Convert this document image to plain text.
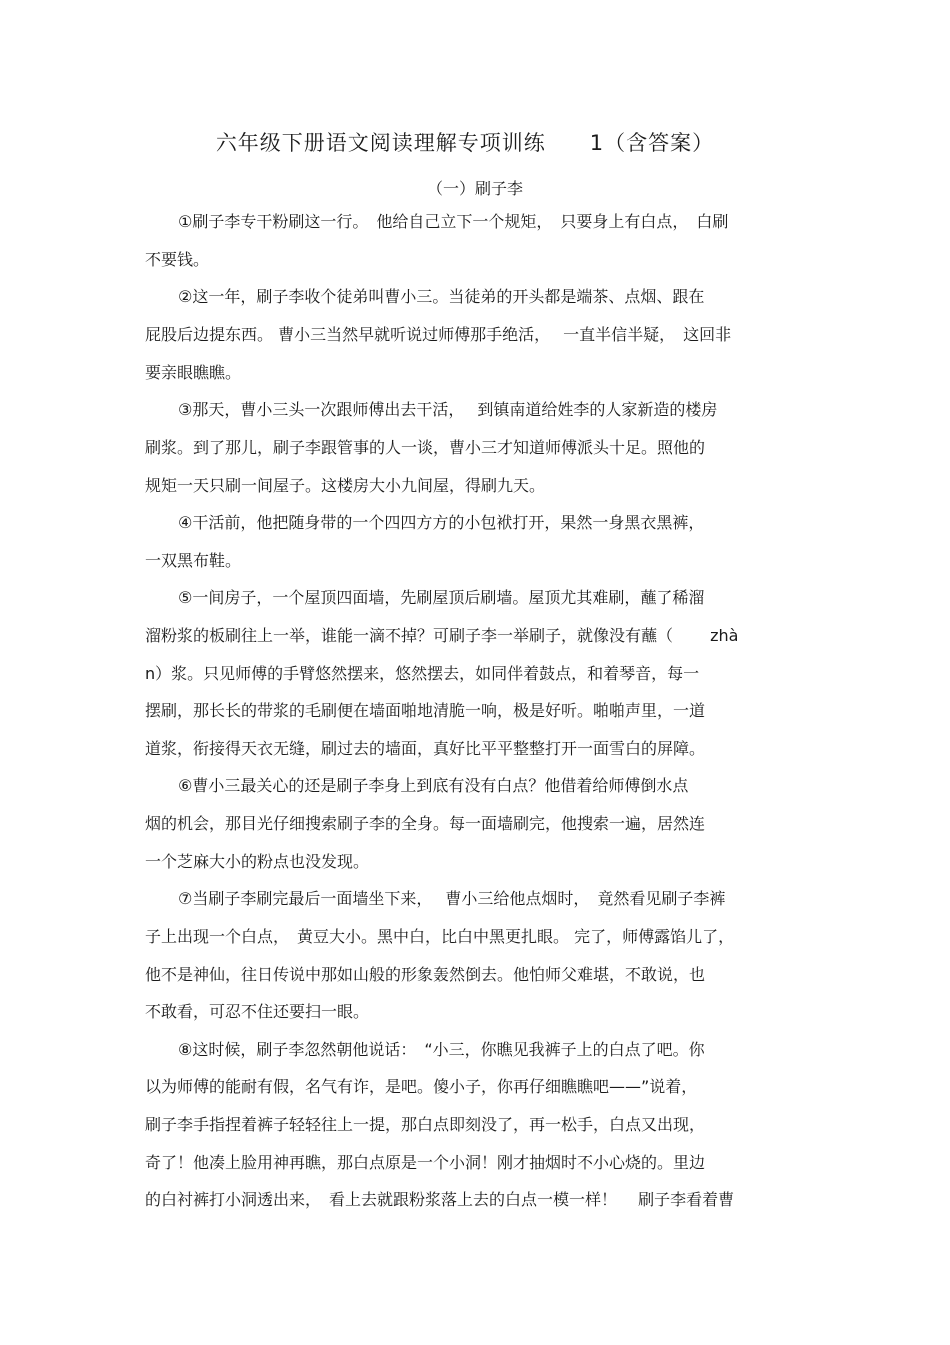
六年级下册语文阅读理解专项训练　　1（含答案）
（一）刷子李
①刷子李专干粉刷这一行。　他给自己立下一个规矩，　只要身上有白点，　白刷
不要钱。
②这一年，刷子李收个徒弟叫曹小三。当徒弟的开头都是端茶、点烟、跟在
屁股后边提东西。 曹小三当然早就听说过师傅那手绝活，　 一直半信半疑，　这回非
要亲眼瞧瞧。
③那天，曹小三头一次跟师傅出去干活，　 到镇南道给姓李的人家新造的楼房
刷浆。到了那儿，刷子李跟管事的人一谈，曹小三才知道师傅派头十足。照他的
规矩一天只刷一间屋子。这楼房大小九间屋，得刷九天。
④干活前，他把随身带的一个四四方方的小包袱打开，果然一身黑衣黑裤，
一双黑布鞋。
⑤一间房子，一个屋顶四面墙，先刷屋顶后刷墙。屋顶尤其难刷，蘸了稀溜
溜粉浆的板刷往上一举，谁能一滴不掉？可刷子李一举刷子，就像没有蘸（　　 zhà
n）浆。只见师傅的手臂悠然摆来，悠然摆去，如同伴着鼓点，和着琴音，每一
摆刷，那长长的带浆的毛刷便在墙面啪地清脆一响，极是好听。啪啪声里，一道
道浆，衔接得天衣无缝，刷过去的墙面，真好比平平整整打开一面雪白的屏障。
⑥曹小三最关心的还是刷子李身上到底有没有白点？他借着给师傅倒水点
烟的机会，那目光仔细搜索刷子李的全身。每一面墙刷完，他搜索一遍，居然连
一个芝麻大小的粉点也没发现。
⑦当刷子李刷完最后一面墙坐下来，　 曹小三给他点烟时，　竟然看见刷子李裤
子上出现一个白点，　黄豆大小。黑中白，比白中黑更扎眼。 完了，师傅露馅儿了，
他不是神仙，往日传说中那如山般的形象轰然倒去。他怕师父难堪，不敢说，也
不敢看，可忍不住还要扫一眼。
⑧这时候，刷子李忽然朝他说话：　“小三，你瞧见我裤子上的白点了吧。你
以为师傅的能耐有假，名气有诈，是吧。傻小子，你再仔细瞧瞧吧——”说着，
刷子李手指捏着裤子轻轻往上一提，那白点即刻没了，再一松手，白点又出现，
奇了！他凑上脸用神再瞧，那白点原是一个小洞！刚才抽烟时不小心烧的。里边
的白衬裤打小洞透出来，　看上去就跟粉浆落上去的白点一模一样！　 刷子李看着曹
